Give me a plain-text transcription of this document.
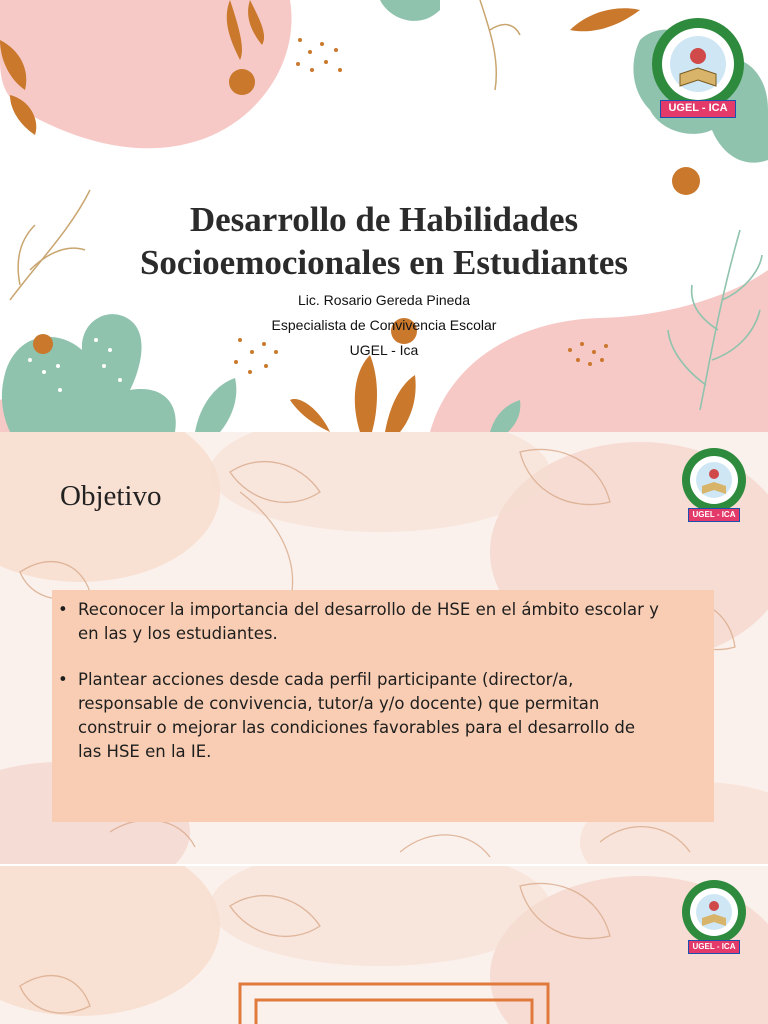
UGEL - ICA
Desarrollo de Habilidades
Socioemocionales en Estudiantes
Lic. Rosario Gereda Pineda
Especialista de Convivencia Escolar
UGEL - Ica
UGEL - ICA
Objetivo
• Reconocer la importancia del desarrollo de HSE en el ámbito escolar y
en las y los estudiantes.
• Plantear acciones desde cada perfil participante (director/a,
responsable de convivencia, tutor/a y/o docente) que permitan
construir o mejorar las condiciones favorables para el desarrollo de
las HSE en la IE.
UGEL - ICA
